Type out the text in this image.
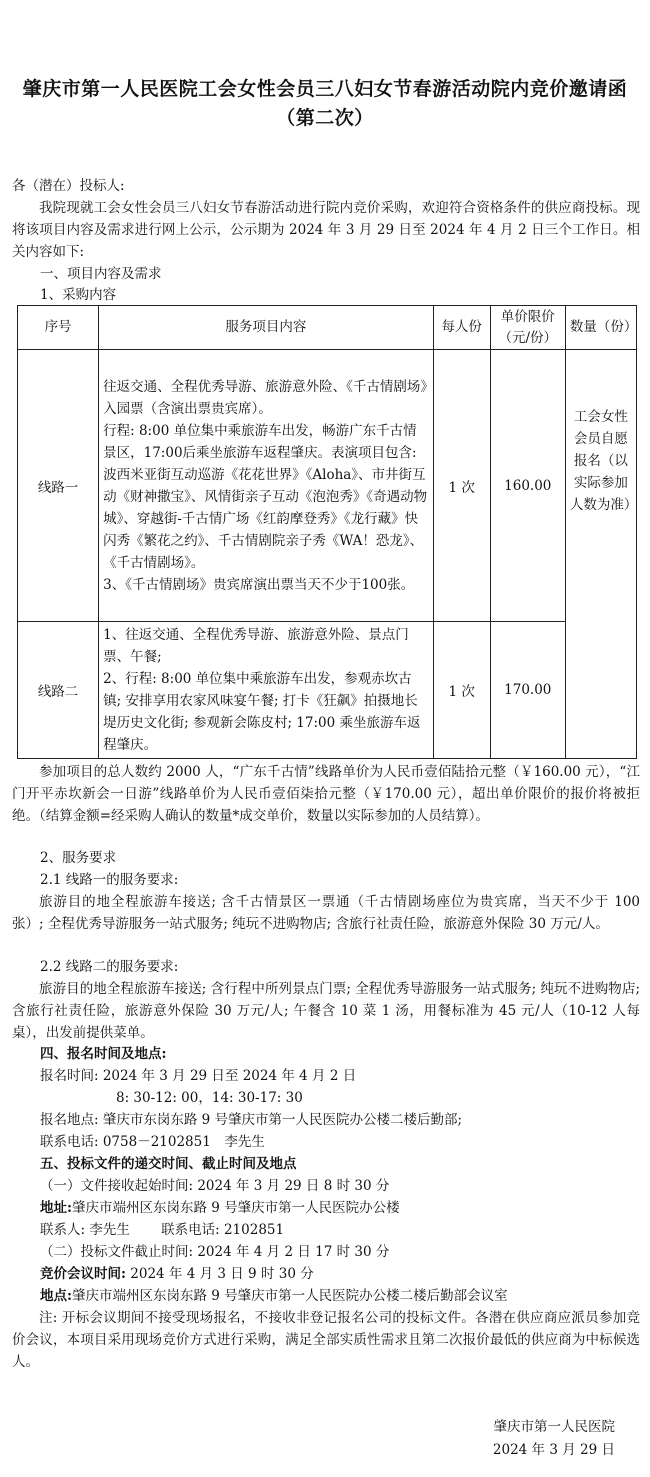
肇庆市第一人民医院工会女性会员三八妇女节春游活动院内竞价邀请函
（第二次）
各（潜在）投标人:
我院现就工会女性会员三八妇女节春游活动进行院内竞价采购，欢迎符合资格条件的供应商投标。现将该项目内容及需求进行网上公示，公示期为 2024 年 3 月 29 日至 2024 年 4 月 2 日三个工作日。相关内容如下:
一、项目内容及需求
1、采购内容
序号	服务项目内容	每人份	单价限价（元/份）	数量（份）
线路一	往返交通、全程优秀导游、旅游意外险、《千古情剧场》入园票（含演出票贵宾席）。
行程: 8:00 单位集中乘旅游车出发，畅游广东千古情景区，17:00后乘坐旅游车返程肇庆。表演项目包含: 波西米亚街互动巡游《花花世界》《Aloha》、市井街互动《财神撒宝》、风情街亲子互动《泡泡秀》《奇遇动物城》、穿越街-千古情广场《红韵摩登秀》《龙行藏》快闪秀《繁花之约》、千古情剧院亲子秀《WA！恐龙》、《千古情剧场》。
3、《千古情剧场》贵宾席演出票当天不少于100张。	1 次	160.00	工会女性会员自愿报名（以实际参加人数为准）
线路二	1、往返交通、全程优秀导游、旅游意外险、景点门票、午餐;
2、行程: 8:00 单位集中乘旅游车出发，参观赤坎古镇; 安排享用农家风味宴午餐; 打卡《狂飙》拍摄地长堤历史文化街; 参观新会陈皮村; 17:00 乘坐旅游车返程肇庆。	1 次	170.00	
参加项目的总人数约 2000 人，“广东千古情”线路单价为人民币壹佰陆拾元整（￥160.00 元），“江门开平赤坎新会一日游”线路单价为人民币壹佰柒拾元整（￥170.00 元），超出单价限价的报价将被拒绝。（结算金额=经采购人确认的数量*成交单价，数量以实际参加的人员结算）。
2、服务要求
2.1 线路一的服务要求:
旅游目的地全程旅游车接送; 含千古情景区一票通（千古情剧场座位为贵宾席，当天不少于 100 张）; 全程优秀导游服务一站式服务; 纯玩不进购物店; 含旅行社责任险，旅游意外保险 30 万元/人。
2.2 线路二的服务要求:
旅游目的地全程旅游车接送; 含行程中所列景点门票; 全程优秀导游服务一站式服务; 纯玩不进购物店; 含旅行社责任险，旅游意外保险 30 万元/人; 午餐含 10 菜 1 汤，用餐标准为 45 元/人（10-12 人每桌），出发前提供菜单。
四、报名时间及地点:
报名时间: 2024 年 3 月 29 日至 2024 年 4 月 2 日
8: 30-12: 00，14: 30-17: 30
报名地点: 肇庆市东岗东路 9 号肇庆市第一人民医院办公楼二楼后勤部;
联系电话: 0758－2102851　李先生
五、投标文件的递交时间、截止时间及地点
（一）文件接收起始时间: 2024 年 3 月 29 日 8 时 30 分
地址:肇庆市端州区东岗东路 9 号肇庆市第一人民医院办公楼
联系人: 李先生　　 联系电话: 2102851
（二）投标文件截止时间: 2024 年 4 月 2 日 17 时 30 分
竞价会议时间: 2024 年 4 月 3 日 9 时 30 分
地点:肇庆市端州区东岗东路 9 号肇庆市第一人民医院办公楼二楼后勤部会议室
注: 开标会议期间不接受现场报名，不接收非登记报名公司的投标文件。各潜在供应商应派员参加竞价会议，本项目采用现场竞价方式进行采购，满足全部实质性需求且第二次报价最低的供应商为中标候选人。
肇庆市第一人民医院
2024 年 3 月 29 日
